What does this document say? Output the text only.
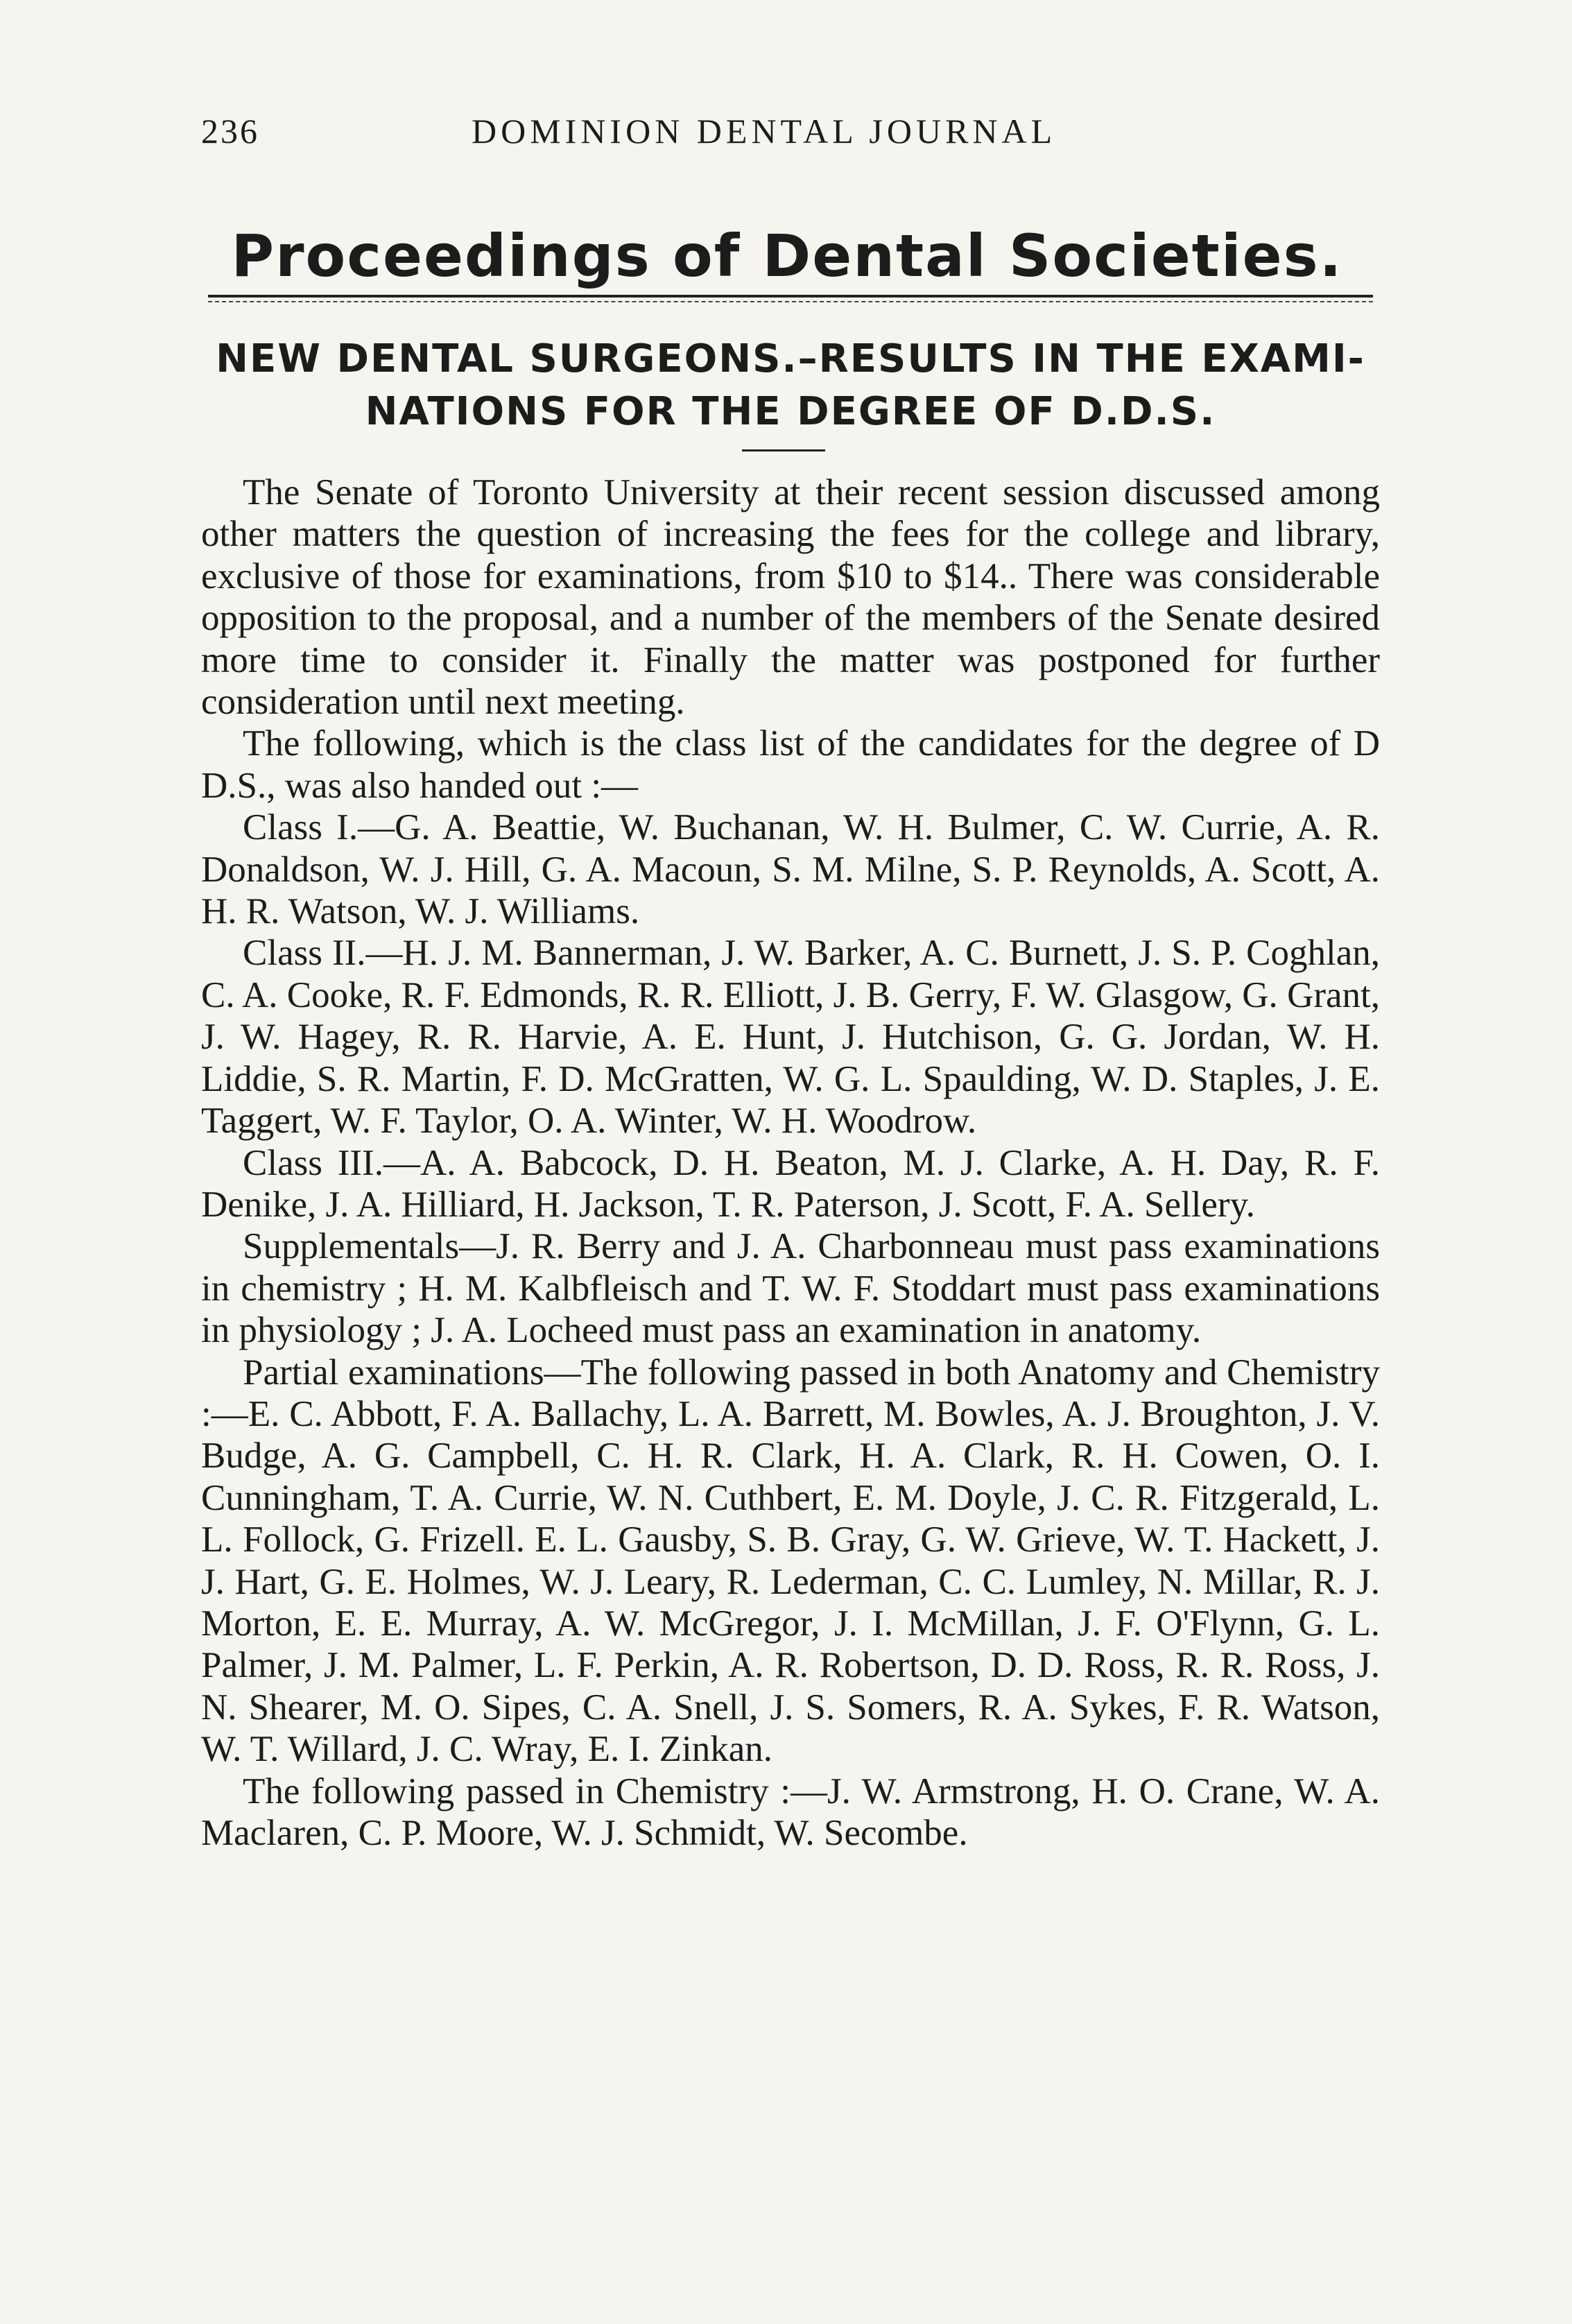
236	DOMINION DENTAL JOURNAL
Proceedings of Dental Societies.
NEW DENTAL SURGEONS.–RESULTS IN THE EXAMI-
NATIONS FOR THE DEGREE OF D.D.S.

The Senate of Toronto University at their recent session discussed among other matters the question of increasing the fees for the college and library, exclusive of those for examinations, from $10 to $14.. There was considerable opposition to the proposal, and a number of the members of the Senate desired more time to consider it. Finally the matter was postponed for further consideration until next meeting.

The following, which is the class list of the candidates for the degree of D D.S., was also handed out :—

Class I.—G. A. Beattie, W. Buchanan, W. H. Bulmer, C. W. Currie, A. R. Donaldson, W. J. Hill, G. A. Macoun, S. M. Milne, S. P. Reynolds, A. Scott, A. H. R. Watson, W. J. Williams.

Class II.—H. J. M. Bannerman, J. W. Barker, A. C. Burnett, J. S. P. Coghlan, C. A. Cooke, R. F. Edmonds, R. R. Elliott, J. B. Gerry, F. W. Glasgow, G. Grant, J. W. Hagey, R. R. Harvie, A. E. Hunt, J. Hutchison, G. G. Jordan, W. H. Liddie, S. R. Martin, F. D. McGratten, W. G. L. Spaulding, W. D. Staples, J. E. Taggert, W. F. Taylor, O. A. Winter, W. H. Woodrow.

Class III.—A. A. Babcock, D. H. Beaton, M. J. Clarke, A. H. Day, R. F. Denike, J. A. Hilliard, H. Jackson, T. R. Paterson, J. Scott, F. A. Sellery.

Supplementals—J. R. Berry and J. A. Charbonneau must pass examinations in chemistry ; H. M. Kalbfleisch and T. W. F. Stoddart must pass examinations in physiology ; J. A. Locheed must pass an examination in anatomy.

Partial examinations—The following passed in both Anatomy and Chemistry :—E. C. Abbott, F. A. Ballachy, L. A. Barrett, M. Bowles, A. J. Broughton, J. V. Budge, A. G. Campbell, C. H. R. Clark, H. A. Clark, R. H. Cowen, O. I. Cunningham, T. A. Currie, W. N. Cuthbert, E. M. Doyle, J. C. R. Fitzgerald, L. L. Follock, G. Frizell. E. L. Gausby, S. B. Gray, G. W. Grieve, W. T. Hackett, J. J. Hart, G. E. Holmes, W. J. Leary, R. Lederman, C. C. Lumley, N. Millar, R. J. Morton, E. E. Murray, A. W. McGregor, J. I. McMillan, J. F. O'Flynn, G. L. Palmer, J. M. Palmer, L. F. Perkin, A. R. Robertson, D. D. Ross, R. R. Ross, J. N. Shearer, M. O. Sipes, C. A. Snell, J. S. Somers, R. A. Sykes, F. R. Watson, W. T. Willard, J. C. Wray, E. I. Zinkan.

The following passed in Chemistry :—J. W. Armstrong, H. O. Crane, W. A. Maclaren, C. P. Moore, W. J. Schmidt, W. Secombe.
